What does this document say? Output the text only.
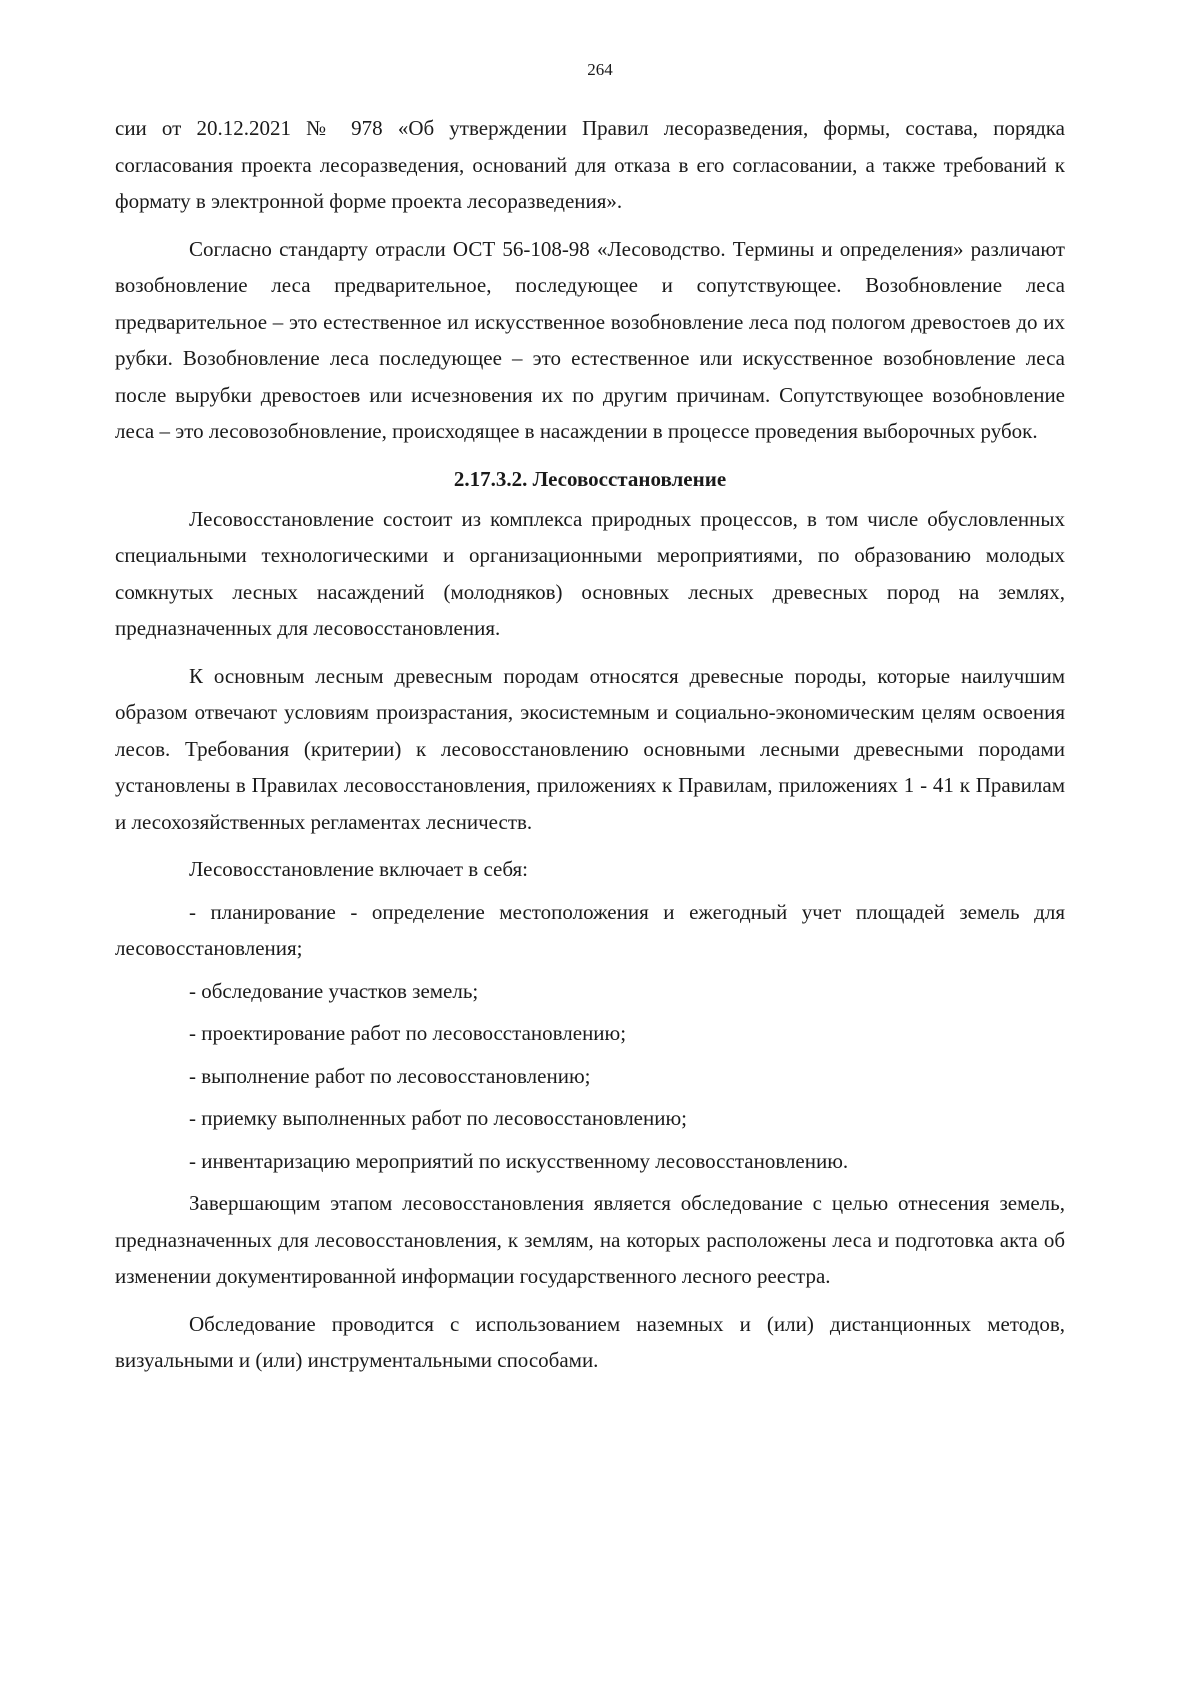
264

сии от 20.12.2021 № 978 «Об утверждении Правил лесоразведения, формы, состава, порядка согласования проекта лесоразведения, оснований для отказа в его согласовании, а также требований к формату в электронной форме проекта лесоразведения».

Согласно стандарту отрасли ОСТ 56-108-98 «Лесоводство. Термины и определения» различают возобновление леса предварительное, последующее и сопутствующее. Возобновление леса предварительное – это естественное ил искусственное возобновление леса под пологом древостоев до их рубки. Возобновление леса последующее – это естественное или искусственное возобновление леса после вырубки древостоев или исчезновения их по другим причинам. Сопутствующее возобновление леса – это лесовозобновление, происходящее в насаждении в процессе проведения выборочных рубок.

2.17.3.2. Лесовосстановление

Лесовосстановление состоит из комплекса природных процессов, в том числе обусловленных специальными технологическими и организационными мероприятиями, по образованию молодых сомкнутых лесных насаждений (молодняков) основных лесных древесных пород на землях, предназначенных для лесовосстановления.

К основным лесным древесным породам относятся древесные породы, которые наилучшим образом отвечают условиям произрастания, экосистемным и социально-экономическим целям освоения лесов. Требования (критерии) к лесовосстановлению основными лесными древесными породами установлены в Правилах лесовосстановления, приложениях к Правилам, приложениях 1 - 41 к Правилам и лесохозяйственных регламентах лесничеств.

Лесовосстановление включает в себя:

- планирование - определение местоположения и ежегодный учет площадей земель для лесовосстановления;

- обследование участков земель;

- проектирование работ по лесовосстановлению;

- выполнение работ по лесовосстановлению;

- приемку выполненных работ по лесовосстановлению;

- инвентаризацию мероприятий по искусственному лесовосстановлению.

Завершающим этапом лесовосстановления является обследование с целью отнесения земель, предназначенных для лесовосстановления, к землям, на которых расположены леса и подготовка акта об изменении документированной информации государственного лесного реестра.

Обследование проводится с использованием наземных и (или) дистанционных методов, визуальными и (или) инструментальными способами.
